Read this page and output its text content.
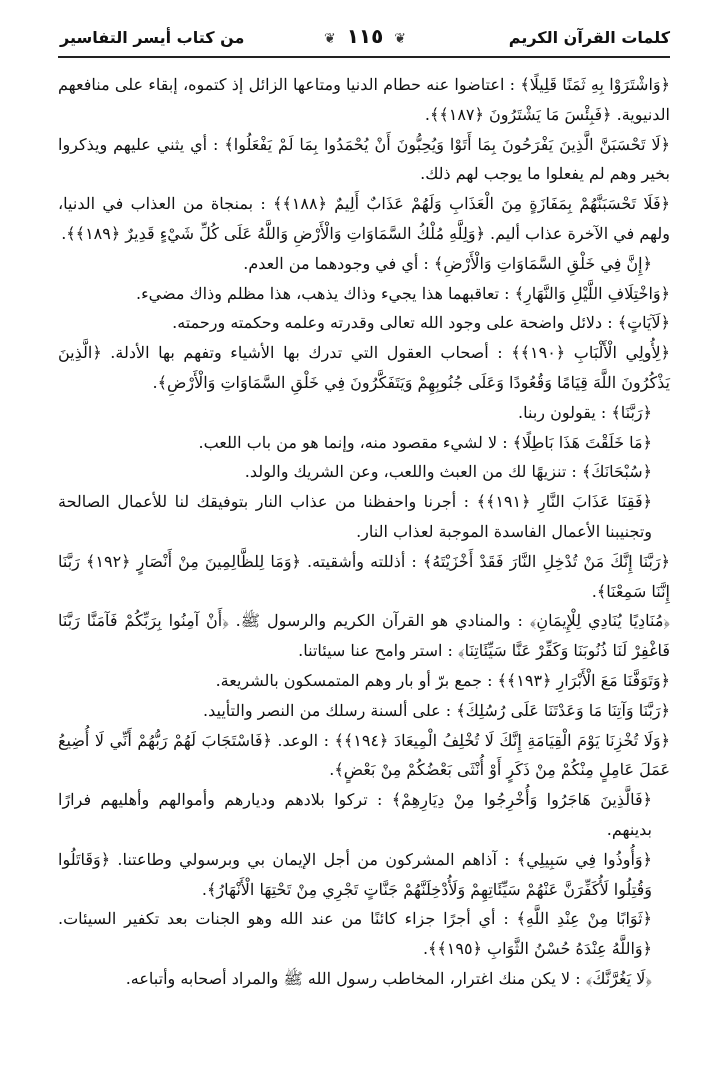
كلمات القرآن الكريم
❦ ١١٥ ❦
من كتاب أيسر التفاسير

﴿وَاشْتَرَوْا بِهِ ثَمَنًا قَلِيلًا﴾ : اعتاضوا عنه حطام الدنيا ومتاعها الزائل إذ كتموه، إبقاء على منافعهم الدنيوية. ﴿فَبِئْسَ مَا يَشْتَرُونَ ﴿١٨٧﴾﴾.

﴿لَا تَحْسَبَنَّ الَّذِينَ يَفْرَحُونَ بِمَا أَتَوْا وَيُحِبُّونَ أَنْ يُحْمَدُوا بِمَا لَمْ يَفْعَلُوا﴾ : أي يثني عليهم ويذكروا بخير وهم لم يفعلوا ما يوجب لهم ذلك.

﴿فَلَا تَحْسَبَنَّهُمْ بِمَفَازَةٍ مِنَ الْعَذَابِ وَلَهُمْ عَذَابٌ أَلِيمٌ ﴿١٨٨﴾﴾ : بمنجاة من العذاب في الدنيا، ولهم في الآخرة عذاب أليم. ﴿وَلِلَّهِ مُلْكُ السَّمَاوَاتِ وَالْأَرْضِ وَاللَّهُ عَلَى كُلِّ شَيْءٍ قَدِيرٌ ﴿١٨٩﴾﴾.

﴿إِنَّ فِي خَلْقِ السَّمَاوَاتِ وَالْأَرْضِ﴾ : أي في وجودهما من العدم.

﴿وَاخْتِلَافِ اللَّيْلِ وَالنَّهَارِ﴾ : تعاقبهما هذا يجيء وذاك يذهب، هذا مظلم وذاك مضيء.

﴿لَآيَاتٍ﴾ : دلائل واضحة على وجود الله تعالى وقدرته وعلمه وحكمته ورحمته.

﴿لِأُولِي الْأَلْبَابِ ﴿١٩٠﴾﴾ : أصحاب العقول التي تدرك بها الأشياء وتفهم بها الأدلة. ﴿الَّذِينَ يَذْكُرُونَ اللَّهَ قِيَامًا وَقُعُودًا وَعَلَى جُنُوبِهِمْ وَيَتَفَكَّرُونَ فِي خَلْقِ السَّمَاوَاتِ وَالْأَرْضِ﴾.

﴿رَبَّنَا﴾ : يقولون ربنا.

﴿مَا خَلَقْتَ هَذَا بَاطِلًا﴾ : لا لشيء مقصود منه، وإنما هو من باب اللعب.

﴿سُبْحَانَكَ﴾ : تنزيهًا لك من العبث واللعب، وعن الشريك والولد.

﴿فَقِنَا عَذَابَ النَّارِ ﴿١٩١﴾﴾ : أجرنا واحفظنا من عذاب النار بتوفيقك لنا للأعمال الصالحة وتجنيبنا الأعمال الفاسدة الموجبة لعذاب النار.

﴿رَبَّنَا إِنَّكَ مَنْ تُدْخِلِ النَّارَ فَقَدْ أَخْزَيْتَهُ﴾ : أذللته وأشقيته. ﴿وَمَا لِلظَّالِمِينَ مِنْ أَنْصَارٍ ﴿١٩٢﴾ رَبَّنَا إِنَّنَا سَمِعْنَا﴾.

﴿مُنَادِيًا يُنَادِي لِلْإِيمَانِ﴾ : والمنادي هو القرآن الكريم والرسول ﷺ. ﴿أَنْ آمِنُوا بِرَبِّكُمْ فَآمَنَّا رَبَّنَا فَاغْفِرْ لَنَا ذُنُوبَنَا وَكَفِّرْ عَنَّا سَيِّئَاتِنَا﴾ : استر وامح عنا سيئاتنا.

﴿وَتَوَفَّنَا مَعَ الْأَبْرَارِ ﴿١٩٣﴾﴾ : جمع برّ أو بار وهم المتمسكون بالشريعة.

﴿رَبَّنَا وَآتِنَا مَا وَعَدْتَنَا عَلَى رُسُلِكَ﴾ : على ألسنة رسلك من النصر والتأييد.

﴿وَلَا تُخْزِنَا يَوْمَ الْقِيَامَةِ إِنَّكَ لَا تُخْلِفُ الْمِيعَادَ ﴿١٩٤﴾﴾ : الوعد. ﴿فَاسْتَجَابَ لَهُمْ رَبُّهُمْ أَنِّي لَا أُضِيعُ عَمَلَ عَامِلٍ مِنْكُمْ مِنْ ذَكَرٍ أَوْ أُنْثَى بَعْضُكُمْ مِنْ بَعْضٍ﴾.

﴿فَالَّذِينَ هَاجَرُوا وَأُخْرِجُوا مِنْ دِيَارِهِمْ﴾ : تركوا بلادهم وديارهم وأموالهم وأهليهم فرارًا بدينهم.

﴿وَأُوذُوا فِي سَبِيلِي﴾ : آذاهم المشركون من أجل الإيمان بي وبرسولي وطاعتنا. ﴿وَقَاتَلُوا وَقُتِلُوا لَأُكَفِّرَنَّ عَنْهُمْ سَيِّئَاتِهِمْ وَلَأُدْخِلَنَّهُمْ جَنَّاتٍ تَجْرِي مِنْ تَحْتِهَا الْأَنْهَارُ﴾.

﴿ثَوَابًا مِنْ عِنْدِ اللَّهِ﴾ : أي أجرًا جزاء كائنًا من عند الله وهو الجنات بعد تكفير السيئات. ﴿وَاللَّهُ عِنْدَهُ حُسْنُ الثَّوَابِ ﴿١٩٥﴾﴾.

﴿لَا يَغُرَّنَّكَ﴾ : لا يكن منك اغترار، المخاطب رسول الله ﷺ والمراد أصحابه وأتباعه.
